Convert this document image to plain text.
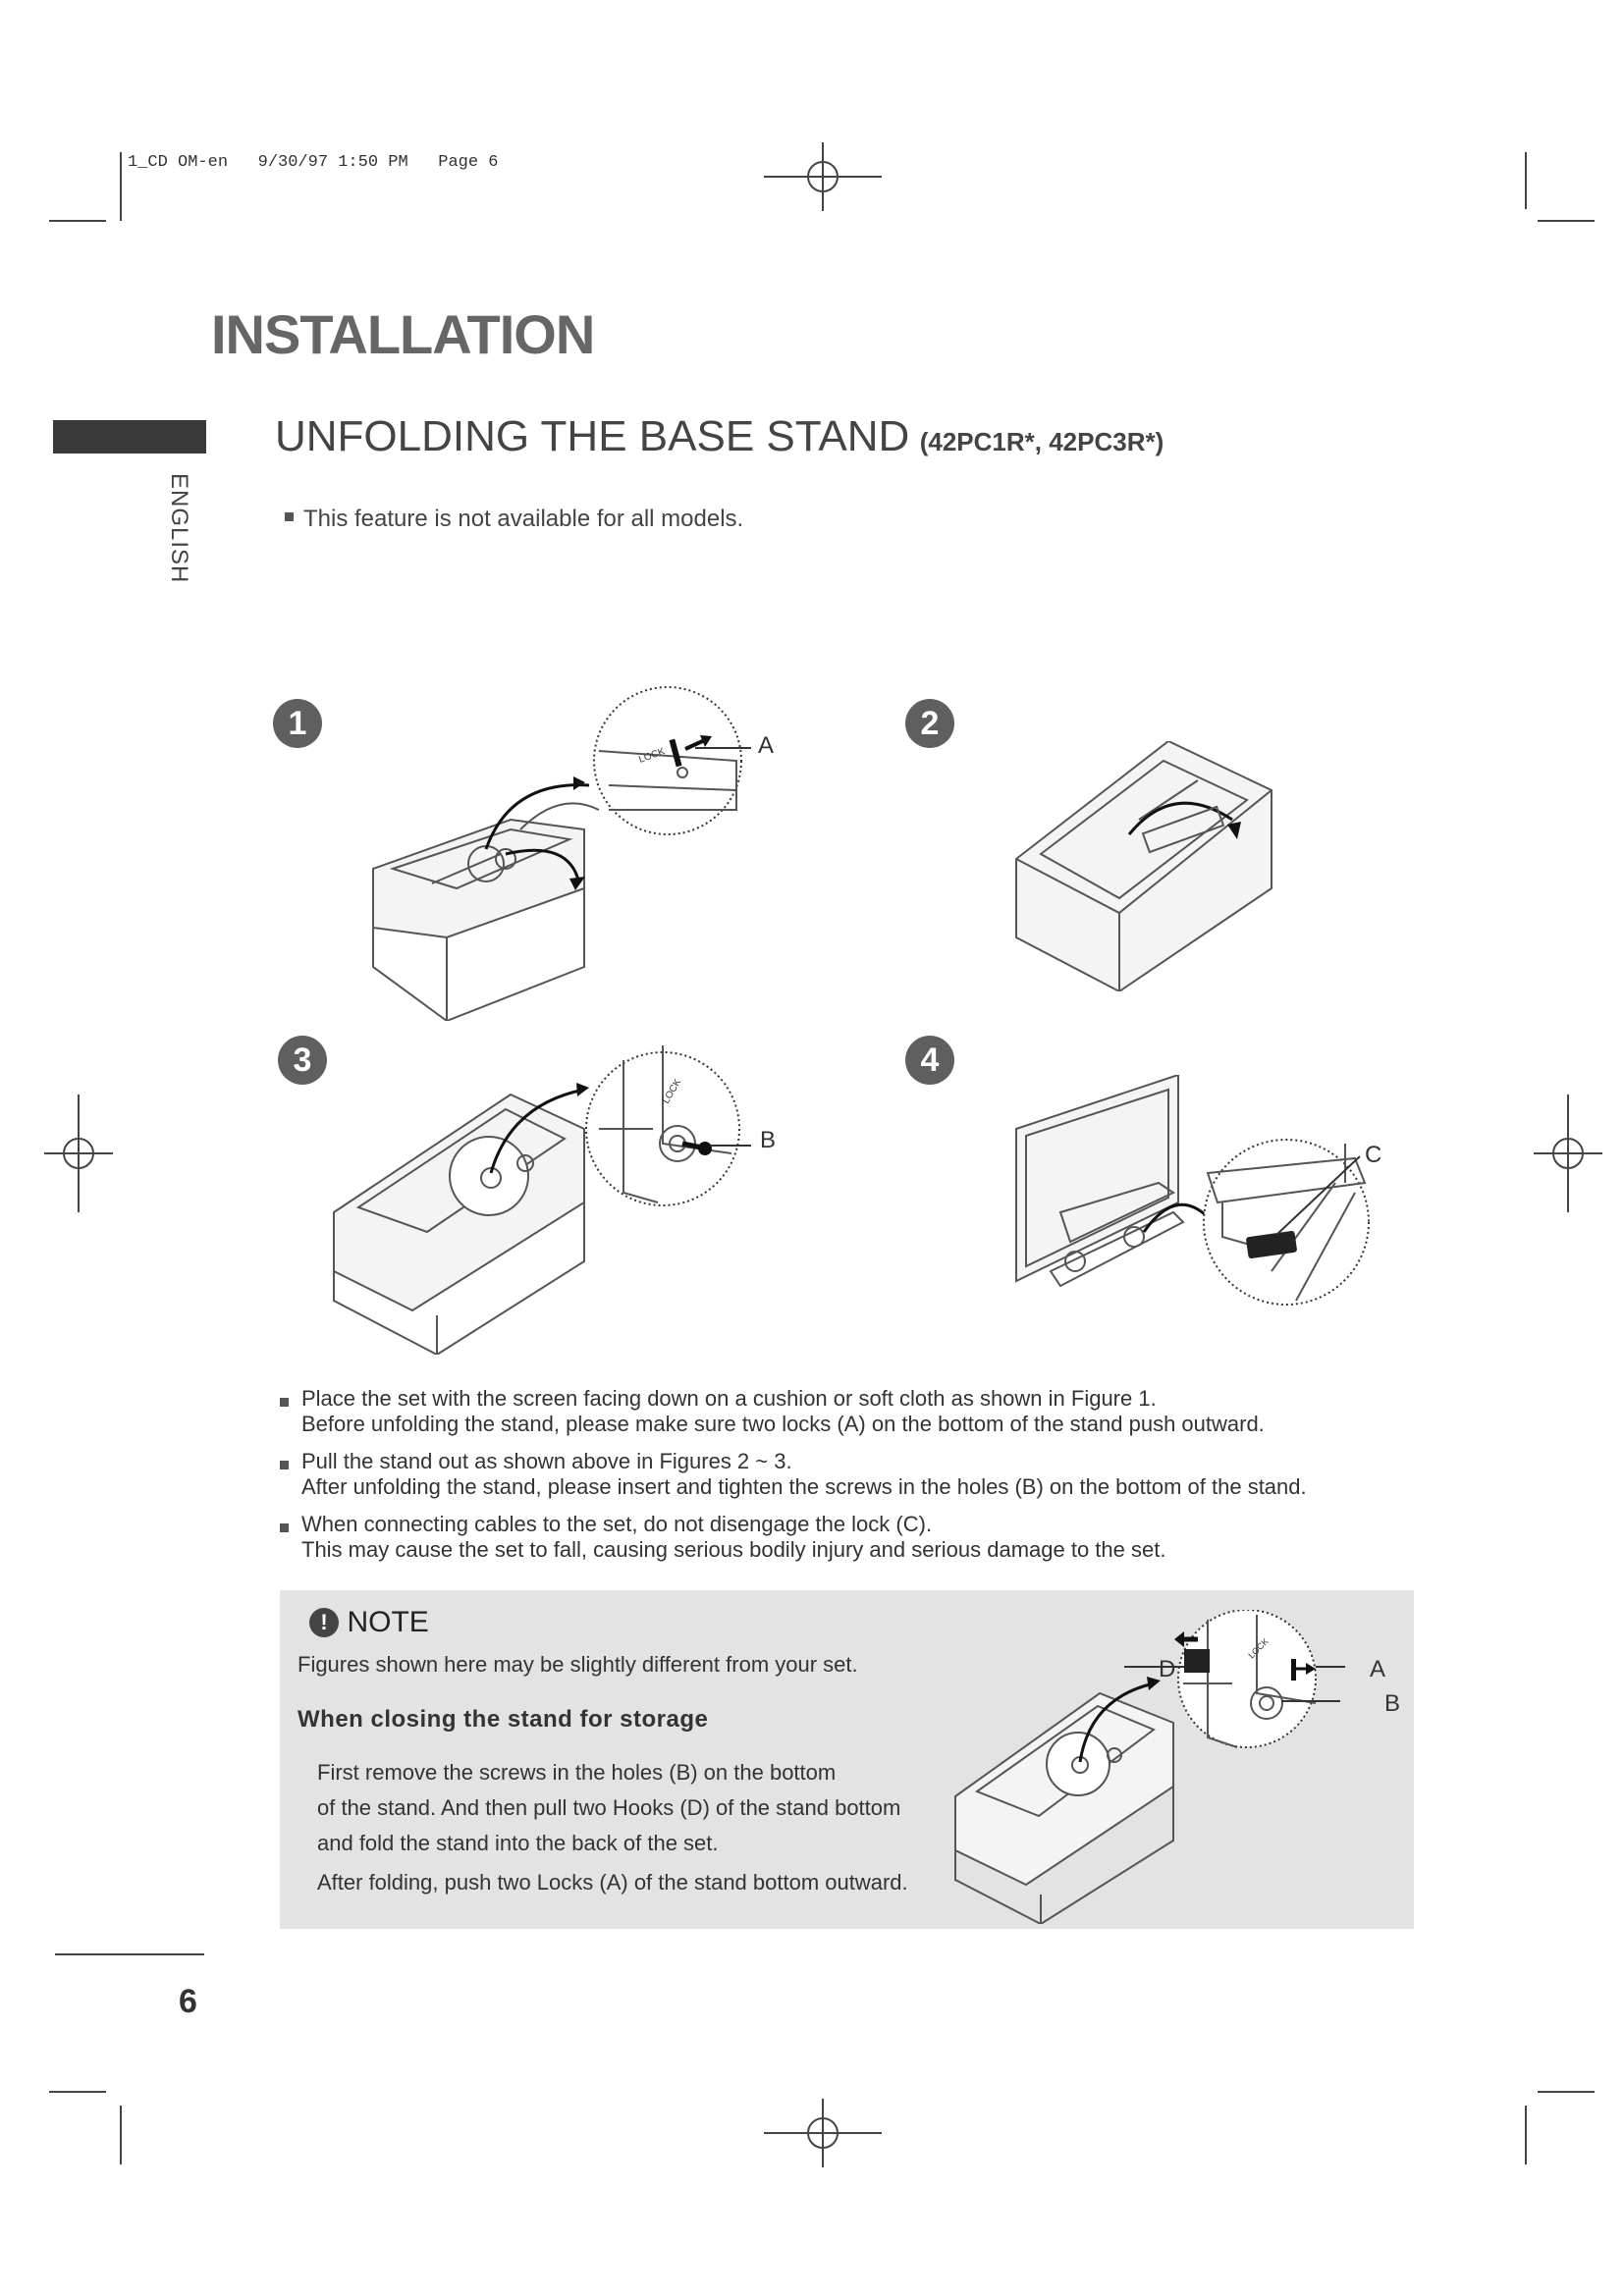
1_CD OM-en   9/30/97 1:50 PM   Page 6
INSTALLATION
ENGLISH
UNFOLDING THE BASE STAND (42PC1R*, 42PC3R*)
This feature is not available for all models.
1	2
3	4
LOCK	A
LOCK
B
C

Place the set with the screen facing down on a cushion or soft cloth as shown in Figure 1.

Before unfolding the stand, please make sure two locks (A) on the bottom of the stand push outward.

Pull the stand out as shown above in Figures 2 ~ 3.

After unfolding the stand, please insert and tighten the screws in the holes (B) on the bottom of the stand.

When connecting cables to the set, do not disengage the lock (C).

This may cause the set to fall, causing serious bodily injury and serious damage to the set.

! NOTE
Figures shown here may be slightly different from your set.
When closing the stand for storage
First remove the screws in the holes (B) on the bottom
of the stand. And then pull two Hooks (D) of the stand bottom
and fold the stand into the back of the set.
After folding, push two Locks (A) of the stand bottom outward.
LOCK
D	A
B
6
